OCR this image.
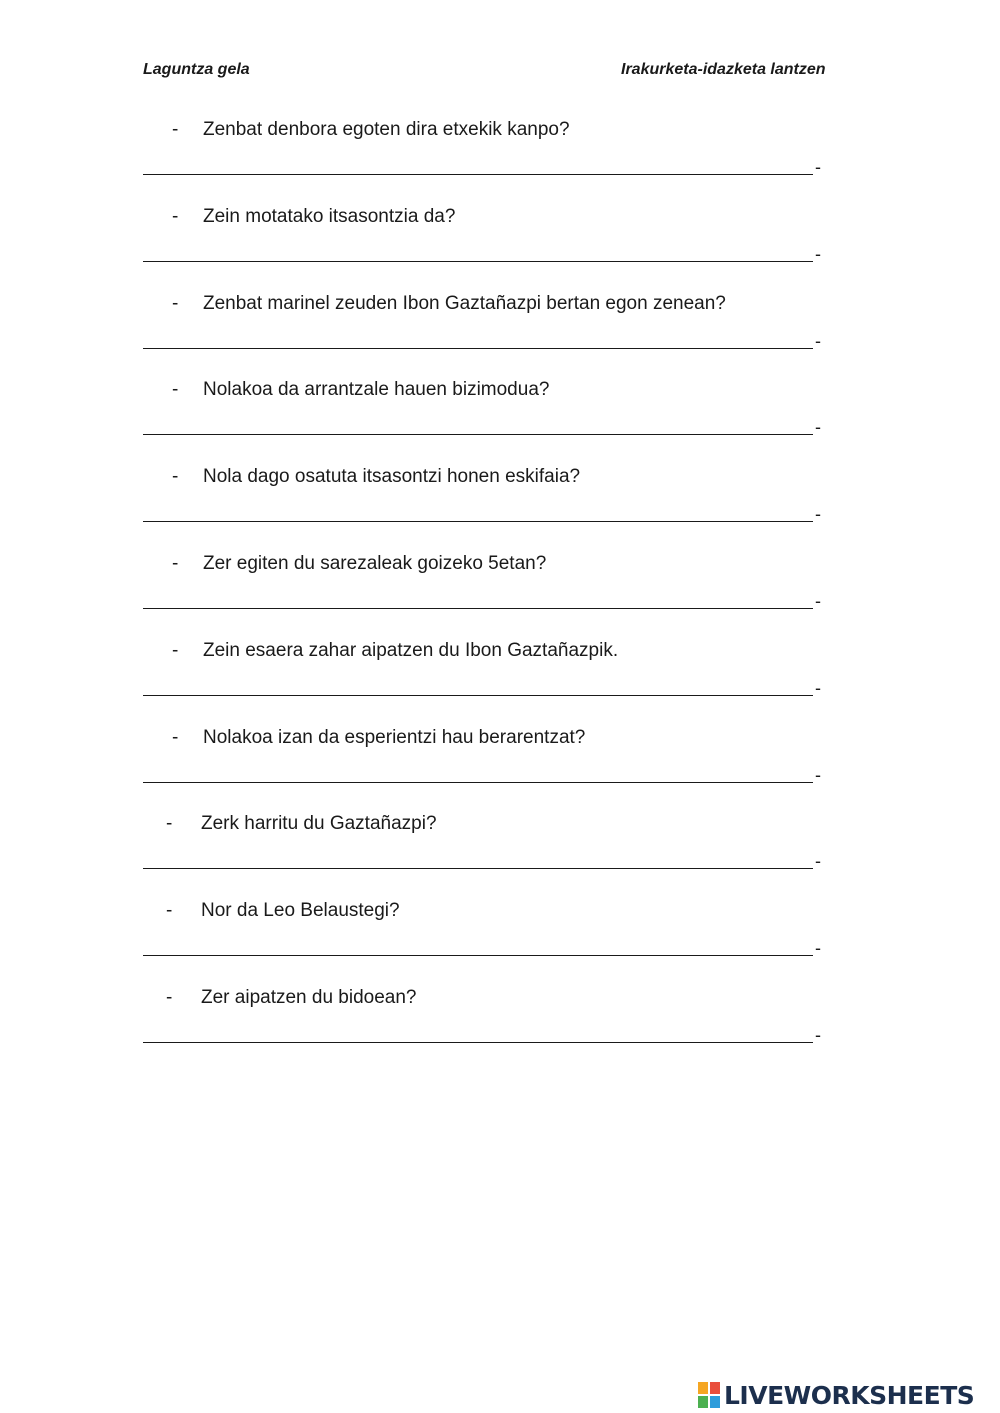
Laguntza gela	Irakurketa-idazketa lantzen
- Zenbat denbora egoten dira etxekik kanpo?
-
- Zein motatako itsasontzia da?
-
- Zenbat marinel zeuden Ibon Gaztañazpi bertan egon zenean?
-
- Nolakoa da arrantzale hauen bizimodua?
-
- Nola dago osatuta itsasontzi honen eskifaia?
-
- Zer egiten du sarezaleak goizeko 5etan?
-
- Zein esaera zahar aipatzen du Ibon Gaztañazpik.
-
- Nolakoa izan da esperientzi hau berarentzat?
-
- Zerk harritu du Gaztañazpi?
-
- Nor da Leo Belaustegi?
-
- Zer aipatzen du bidoean?
-
LIVEWORKSHEETS
